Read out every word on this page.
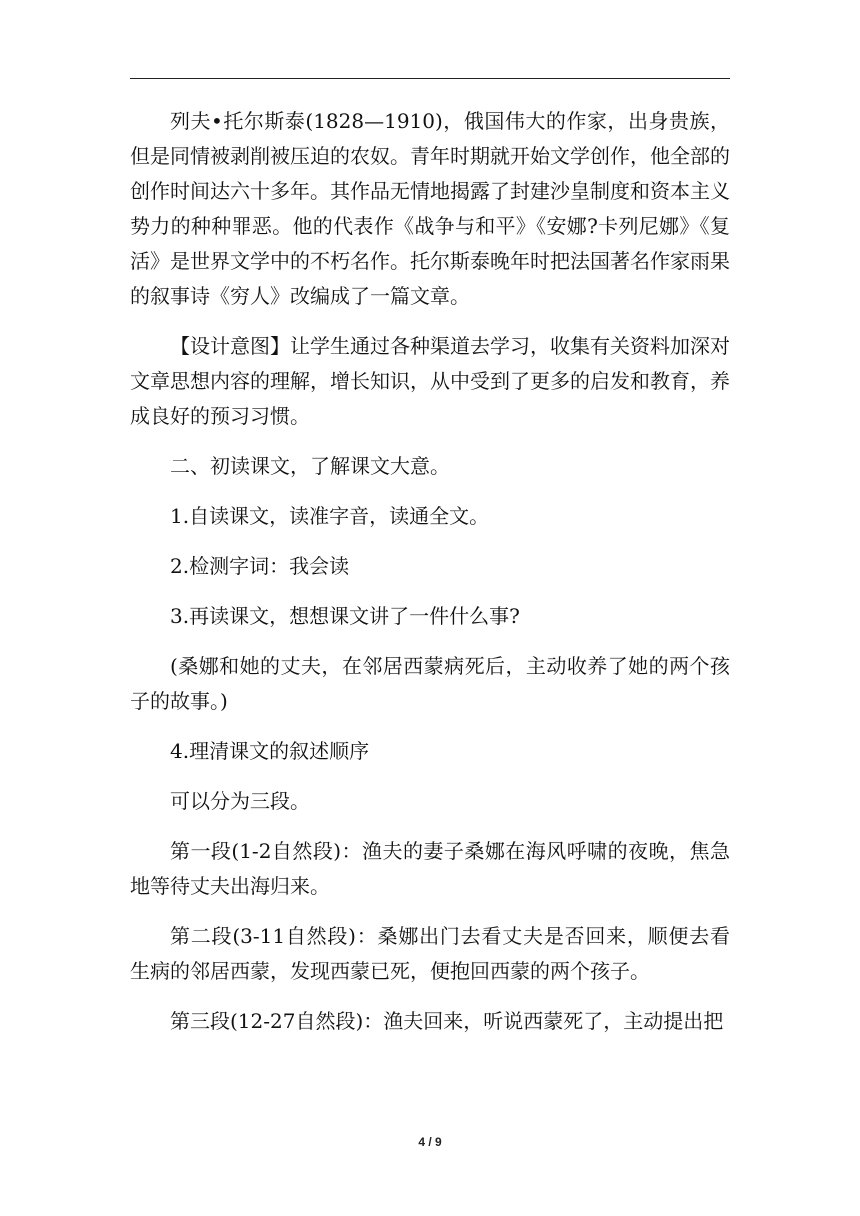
列夫•托尔斯泰(1828—1910)，俄国伟大的作家，出身贵族，但是同情被剥削被压迫的农奴。青年时期就开始文学创作，他全部的创作时间达六十多年。其作品无情地揭露了封建沙皇制度和资本主义势力的种种罪恶。他的代表作《战争与和平》《安娜?卡列尼娜》《复活》是世界文学中的不朽名作。托尔斯泰晚年时把法国著名作家雨果的叙事诗《穷人》改编成了一篇文章。

【设计意图】让学生通过各种渠道去学习，收集有关资料加深对文章思想内容的理解，增长知识，从中受到了更多的启发和教育，养成良好的预习习惯。

二、初读课文，了解课文大意。

1.自读课文，读准字音，读通全文。

2.检测字词：我会读

3.再读课文，想想课文讲了一件什么事?

(桑娜和她的丈夫，在邻居西蒙病死后，主动收养了她的两个孩子的故事。)

4.理清课文的叙述顺序

可以分为三段。

第一段(1-2自然段)：渔夫的妻子桑娜在海风呼啸的夜晚，焦急地等待丈夫出海归来。

第二段(3-11自然段)：桑娜出门去看丈夫是否回来，顺便去看生病的邻居西蒙，发现西蒙已死，便抱回西蒙的两个孩子。

第三段(12-27自然段)：渔夫回来，听说西蒙死了，主动提出把

4 / 9
